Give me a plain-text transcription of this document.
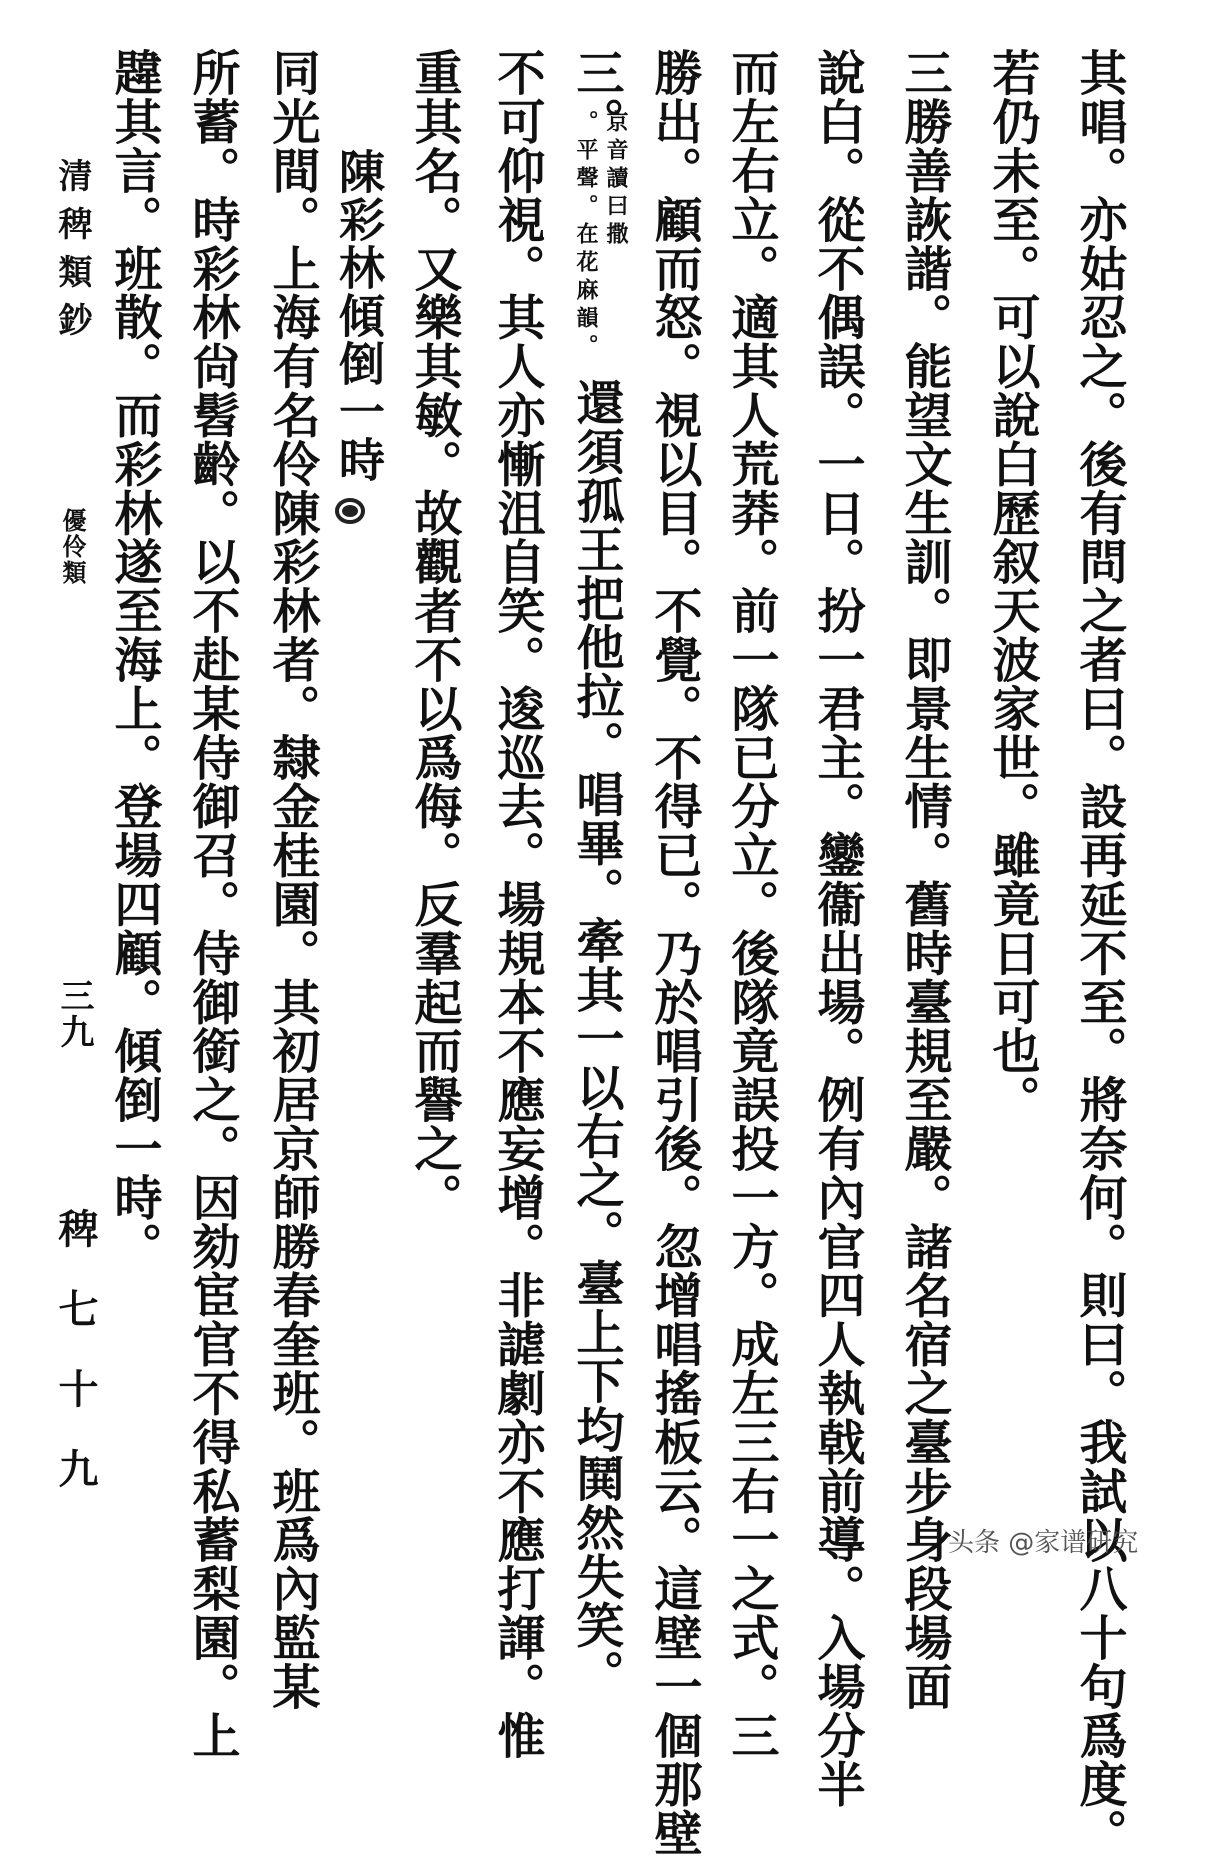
其唱。亦姑忍之。後有問之者曰。設再延不至。將奈何。則曰。我試以八十句爲度。
若仍未至。可以說白歷叙天波家世。雖竟日可也。
三勝善詼諧。能望文生訓。即景生情。舊時臺規至嚴。諸名宿之臺步身段場面
說白。從不偶誤。一日。扮一君主。鑾衞出場。例有內官四人執戟前導。入場分半
而左右立。適其人荒莽。前一隊已分立。後隊竟誤投一方。成左三右一之式。三
勝出。顧而怒。視以目。不覺。不得已。乃於唱引後。忽增唱搖板云。這壁一個那壁
三。
京音讀曰撒
。平聲。在花麻韻。
還須孤王把他拉。唱畢。牽其一以右之。臺上下均鬨然失笑。
不可仰視。其人亦慚沮自笑。逡巡去。場規本不應妄增。非謔劇亦不應打諢。惟
重其名。又樂其敏。故觀者不以爲侮。反羣起而譽之。
陳彩林傾倒一時
同光間。上海有名伶陳彩林者。隸金桂園。其初居京師勝春奎班。班爲內監某
所蓄。時彩林尙髫齡。以不赴某侍御召。侍御銜之。因劾宦官不得私蓄梨園。上
韙其言。班散。而彩林遂至海上。登場四顧。傾倒一時。
清稗類鈔
優伶類
三九
稗七十九
头条 @家谱研究
